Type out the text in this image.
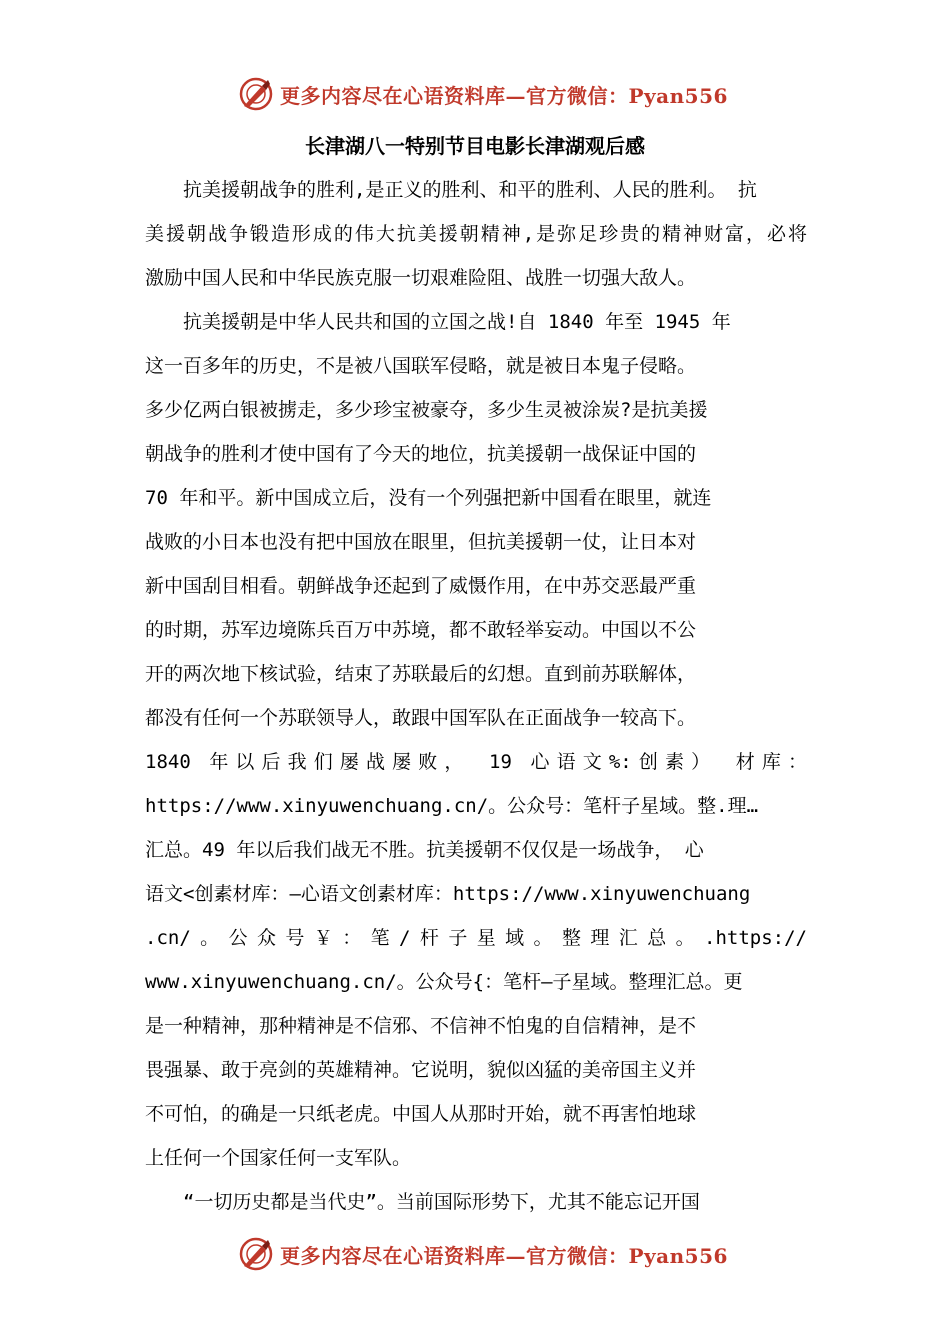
更多内容尽在心语资料库—官方微信：Pyan556
长津湖八一特别节目电影长津湖观后感
　　抗美援朝战争的胜利,是正义的胜利、和平的胜利、人民的胜利。 抗
美援朝战争锻造形成的伟大抗美援朝精神,是弥足珍贵的精神财富，必将
激励中国人民和中华民族克服一切艰难险阻、战胜一切强大敌人。
　　抗美援朝是中华人民共和国的立国之战!自 1840 年至 1945 年
这一百多年的历史，不是被八国联军侵略，就是被日本鬼子侵略。
多少亿两白银被掳走，多少珍宝被豪夺，多少生灵被涂炭?是抗美援
朝战争的胜利才使中国有了今天的地位，抗美援朝一战保证中国的
70 年和平。新中国成立后，没有一个列强把新中国看在眼里，就连
战败的小日本也没有把中国放在眼里，但抗美援朝一仗，让日本对
新中国刮目相看。朝鲜战争还起到了威慑作用，在中苏交恶最严重
的时期，苏军边境陈兵百万中苏境，都不敢轻举妄动。中国以不公
开的两次地下核试验，结束了苏联最后的幻想。直到前苏联解体，
都没有任何一个苏联领导人，敢跟中国军队在正面战争一较高下。
1840 年以后我们屡战屡败， 19 心语文%:创素） 材库：
https://www.xinyuwenchuang.cn/。公众号：笔杆子星域。整.理…
汇总。49 年以后我们战无不胜。抗美援朝不仅仅是一场战争， 心
语文<创素材库：—心语文创素材库：https://www.xinyuwenchuang
.cn/。公众号￥：笔/杆子星域。整理汇总。.https://
www.xinyuwenchuang.cn/。公众号{：笔杆—子星域。整理汇总。更
是一种精神，那种精神是不信邪、不信神不怕鬼的自信精神，是不
畏强暴、敢于亮剑的英雄精神。它说明，貌似凶猛的美帝国主义并
不可怕，的确是一只纸老虎。中国人从那时开始，就不再害怕地球
上任何一个国家任何一支军队。
　　“一切历史都是当代史”。当前国际形势下，尤其不能忘记开国
更多内容尽在心语资料库—官方微信：Pyan556
